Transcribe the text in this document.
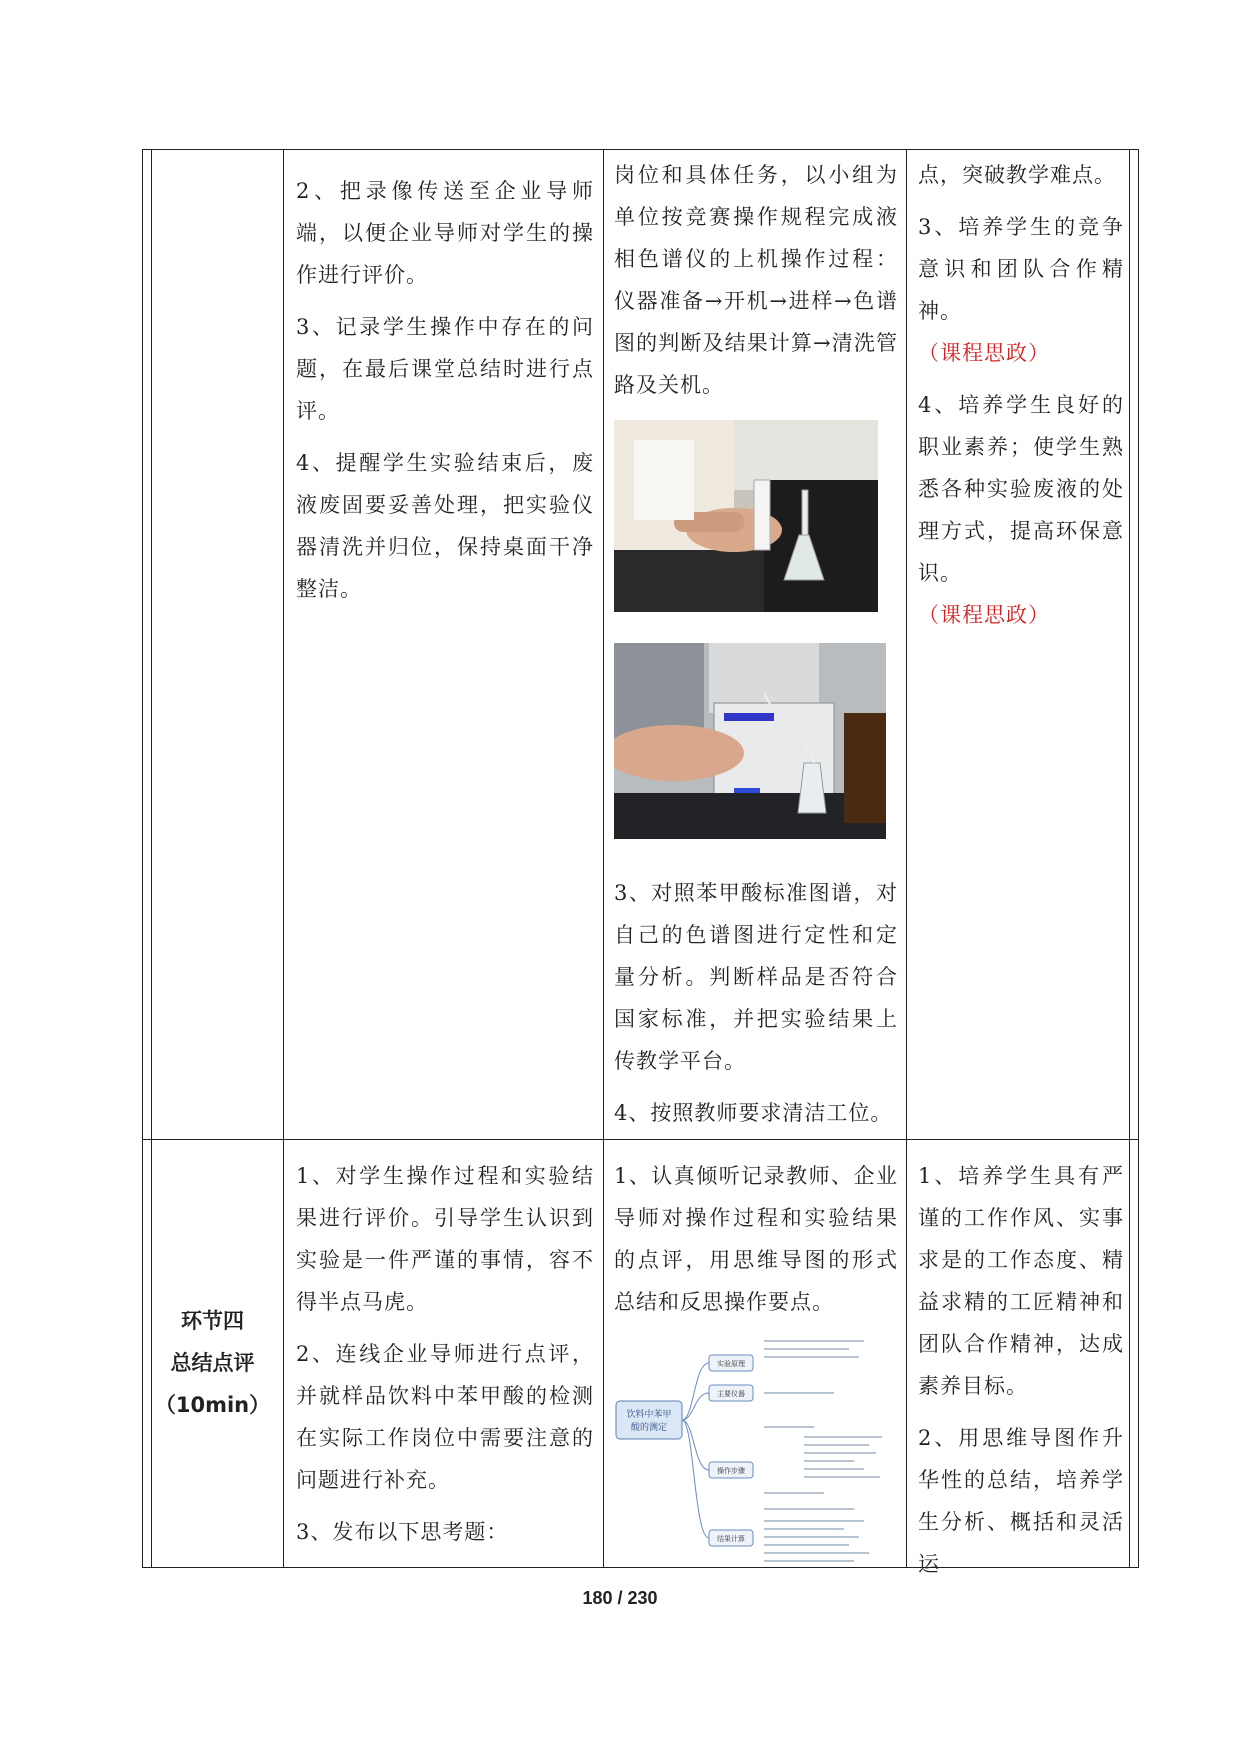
2、把录像传送至企业导师端，以便企业导师对学生的操作进行评价。

3、记录学生操作中存在的问题，在最后课堂总结时进行点评。

4、提醒学生实验结束后，废液废固要妥善处理，把实验仪器清洗并归位，保持桌面干净整洁。

岗位和具体任务，以小组为单位按竞赛操作规程完成液相色谱仪的上机操作过程：仪器准备→开机→进样→色谱图的判断及结果计算→清洗管路及关机。

3、对照苯甲酸标准图谱，对自己的色谱图进行定性和定量分析。判断样品是否符合国家标准，并把实验结果上传教学平台。

4、按照教师要求清洁工位。

点，突破教学难点。

3、培养学生的竞争意识和团队合作精神。

（课程思政）

4、培养学生良好的职业素养；使学生熟悉各种实验废液的处理方式，提高环保意识。

（课程思政）

环节四
总结点评
（10min）

1、对学生操作过程和实验结果进行评价。引导学生认识到实验是一件严谨的事情，容不得半点马虎。

2、连线企业导师进行点评，并就样品饮料中苯甲酸的检测在实际工作岗位中需要注意的问题进行补充。

3、发布以下思考题：

1、认真倾听记录教师、企业导师对操作过程和实验结果的点评，用思维导图的形式总结和反思操作要点。

饮料中苯甲
酸的测定
实验原理
主要仪器
操作步骤
结果计算

1、培养学生具有严谨的工作作风、实事求是的工作态度、精益求精的工匠精神和团队合作精神，达成素养目标。

2、用思维导图作升华性的总结，培养学生分析、概括和灵活运

180 / 230
